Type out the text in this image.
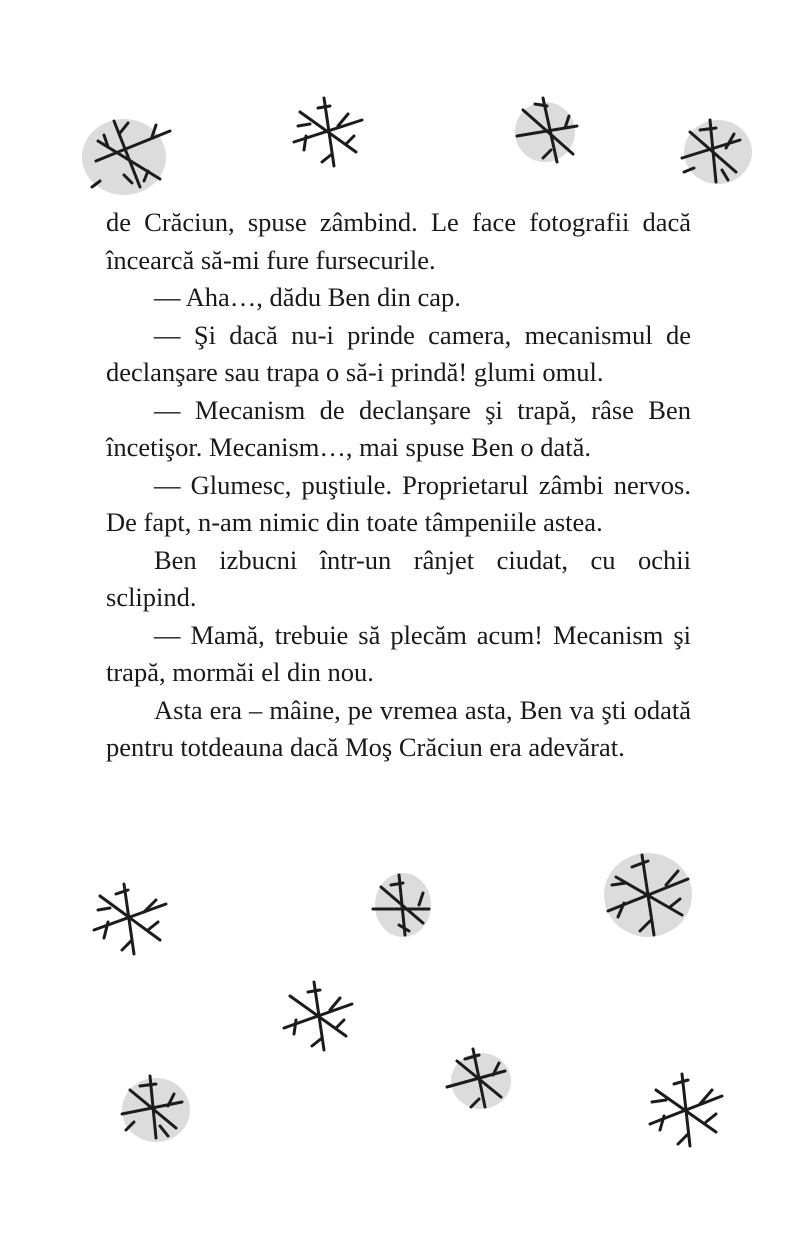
de Crăciun, spuse zâmbind. Le face fotografii dacă încearcă să-mi fure fursecurile.

— Aha…, dădu Ben din cap.

— Şi dacă nu-i prinde camera, mecanismul de declanşare sau trapa o să-i prindă! glumi omul.

— Mecanism de declanşare şi trapă, râse Ben încetişor. Mecanism…, mai spuse Ben o dată.

— Glumesc, puştiule. Proprietarul zâmbi nervos. De fapt, n-am nimic din toate tâmpeniile astea.

Ben izbucni într-un rânjet ciudat, cu ochii sclipind.

— Mamă, trebuie să plecăm acum! Mecanism şi trapă, mormăi el din nou.

Asta era – mâine, pe vremea asta, Ben va şti odată pentru totdeauna dacă Moş Crăciun era adevărat.
